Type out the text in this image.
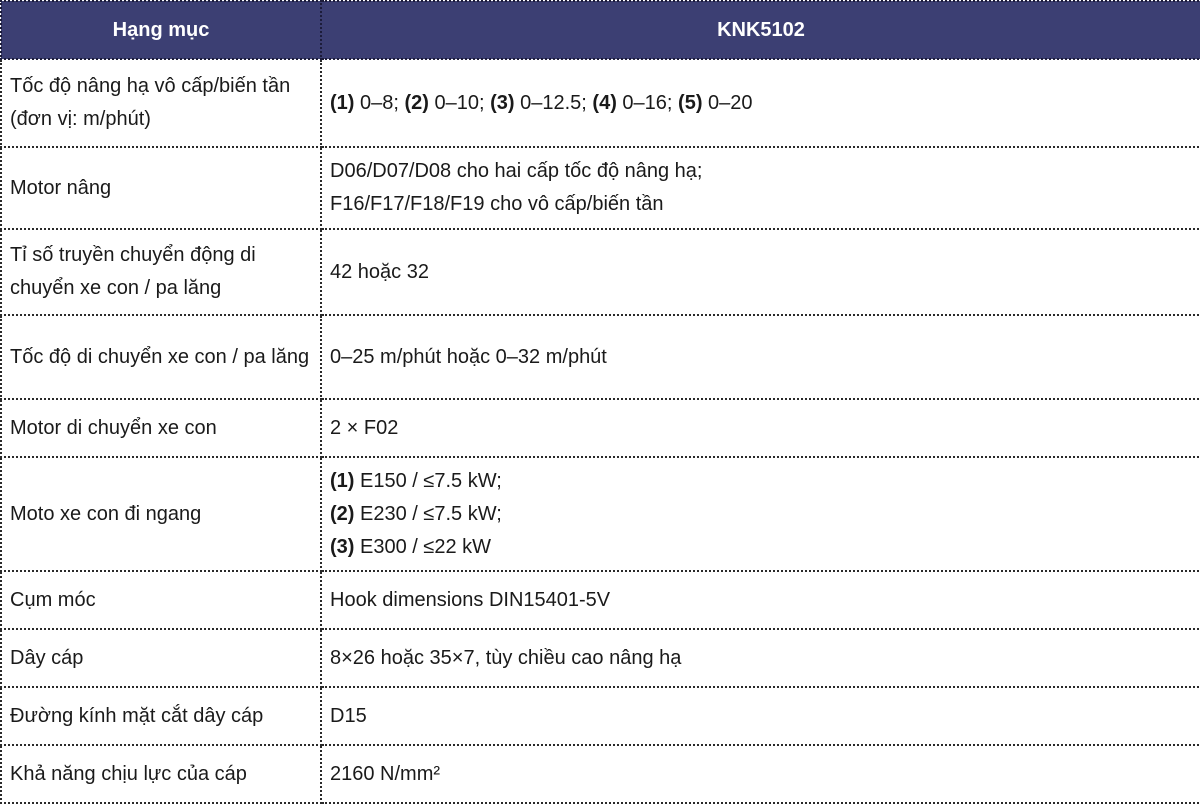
Hạng mục	KNK5102
Tốc độ nâng hạ vô cấp/biến tần (đơn vị: m/phút)	(1) 0–8; (2) 0–10; (3) 0–12.5; (4) 0–16; (5) 0–20

Motor nâng	D06/D07/D08 cho hai cấp tốc độ nâng hạ;
F16/F17/F18/F19 cho vô cấp/biến tần

Tỉ số truyền chuyển động di chuyển xe con / pa lăng	42 hoặc 32

Tốc độ di chuyển xe con / pa lăng	0–25 m/phút hoặc 0–32 m/phút

Motor di chuyển xe con	2 × F02

Moto xe con đi ngang	(1) E150 / ≤7.5 kW;
(2) E230 / ≤7.5 kW;
(3) E300 / ≤22 kW

Cụm móc	Hook dimensions DIN15401-5V

Dây cáp	8×26 hoặc 35×7, tùy chiều cao nâng hạ

Đường kính mặt cắt dây cáp	D15

Khả năng chịu lực của cáp	2160 N/mm²
